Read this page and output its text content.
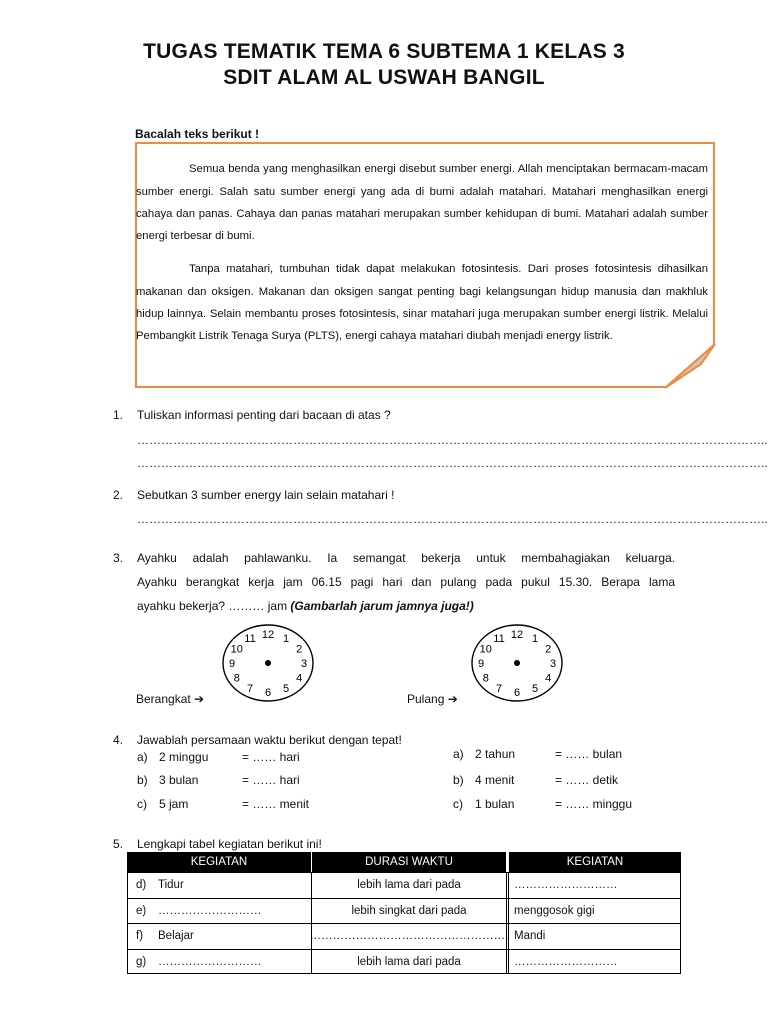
TUGAS TEMATIK TEMA 6 SUBTEMA 1 KELAS 3
SDIT ALAM AL USWAH BANGIL
Bacalah teks berikut !

Semua benda yang menghasilkan energi disebut sumber energi. Allah menciptakan bermacam-macam sumber energi. Salah satu sumber energi yang ada di bumi adalah matahari. Matahari menghasilkan energi cahaya dan panas. Cahaya dan panas matahari merupakan sumber kehidupan di bumi. Matahari adalah sumber energi terbesar di bumi.

Tanpa matahari, tumbuhan tidak dapat melakukan fotosintesis. Dari proses fotosintesis dihasilkan makanan dan oksigen. Makanan dan oksigen sangat penting bagi kelangsungan hidup manusia dan makhluk hidup lainnya. Selain membantu proses fotosintesis, sinar matahari juga merupakan sumber energi listrik. Melalui Pembangkit Listrik Tenaga Surya (PLTS), energi cahaya matahari diubah menjadi energy listrik.

1. Tuliskan informasi penting dari bacaan di atas ?
…………………………………………………………………………………………………………………………………………..
…………………………………………………………………………………………………………………………………………..
2. Sebutkan 3 sumber energy lain selain matahari !
…………………………………………………………………………………………………………………………………………..
3. Ayahku adalah pahlawanku. Ia semangat bekerja untuk membahagiakan keluarga.
Ayahku berangkat kerja jam 06.15 pagi hari dan pulang pada pukul 15.30. Berapa lama
ayahku bekerja? ……… jam (Gambarlah jarum jamnya juga!)
12 1
2
3
4
5
6
7
8
9
10
11	12 1
2
3
4
5
6
7
8
9
10
11
Berangkat ➔	Pulang ➔
4. Jawablah persamaan waktu berikut dengan tepat!
a) 2 minggu	= …… hari
b) 3 bulan	= …… hari
c) 5 jam	= …… menit
a) 2 tahun	= …… bulan
b) 4 menit	= …… detik
c) 1 bulan	= …… minggu
5. Lengkapi tabel kegiatan berikut ini!
KEGIATAN	DURASI WAKTU	KEGIATAN
d)	Tidur	lebih lama dari pada	………………………
e)	………………………	lebih singkat dari pada	menggosok gigi
f)	Belajar	……………………………………………. Mandi
g)	………………………	lebih lama dari pada	………………………
